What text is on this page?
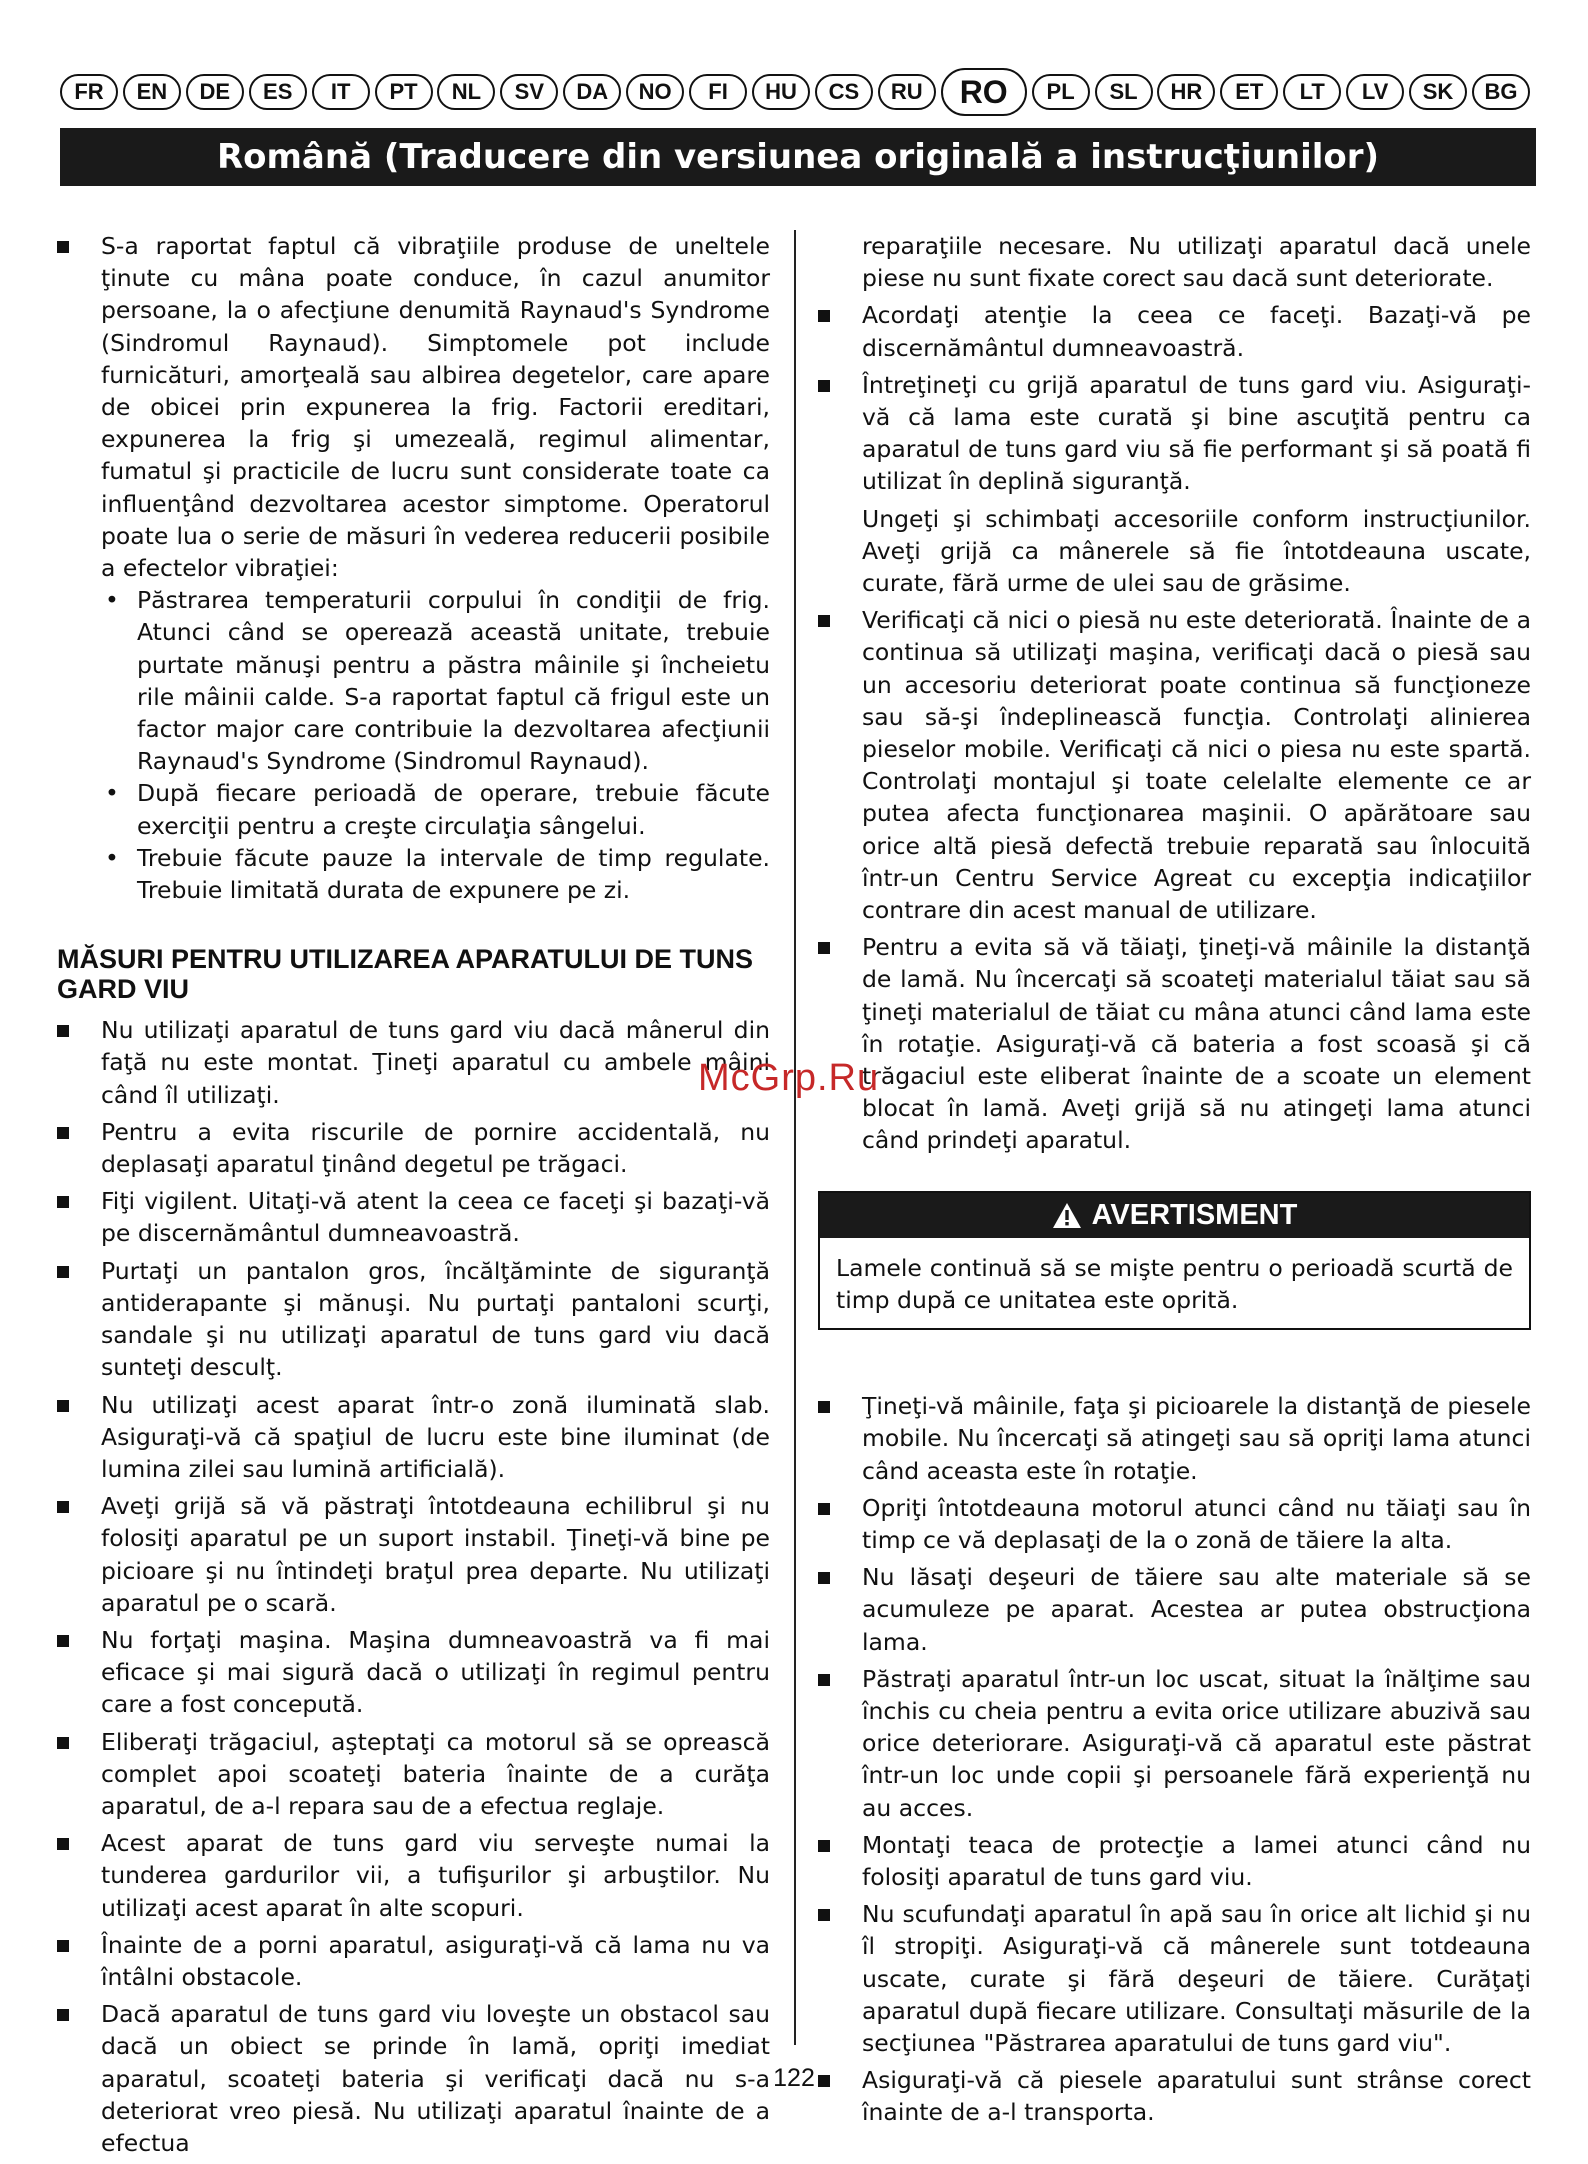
FR	EN	DE	ES	IT	PT	NL	SV	DA	NO	FI	HU	CS	RU	RO	PL	SL	HR	ET	LT	LV	SK	BG
Română (Traducere din versiunea originală a instrucţiunilor)
S-a raportat faptul că vibraţiile produse de uneltele ţinute cu mâna poate conduce, în cazul anumitor persoane, la o afecţiune denumită Raynaud's Syndrome (Sindromul Raynaud). Simptomele pot include furnicături, amorţeală sau albirea degetelor, care apare de obicei prin expunerea la frig. Factorii ereditari, expunerea la frig şi umezeală, regimul alimentar, fumatul şi practicile de lucru sunt considerate toate ca influenţând dezvoltarea acestor simptome. Operatorul poate lua o serie de măsuri în vederea reducerii posibile a efectelor vibraţiei:
• Păstrarea temperaturii corpului în condiţii de frig. Atunci când se operează această unitate, trebuie purtate mănuşi pentru a păstra mâinile şi încheietu rile mâinii calde. S-a raportat faptul că frigul este un factor major care contribuie la dezvoltarea afecţiunii Raynaud's Syndrome (Sindromul Raynaud).
• După fiecare perioadă de operare, trebuie făcute exerciţii pentru a creşte circulaţia sângelui.
• Trebuie făcute pauze la intervale de timp regulate. Trebuie limitată durata de expunere pe zi.
MĂSURI PENTRU UTILIZAREA APARATULUI DE TUNS GARD VIU
Nu utilizaţi aparatul de tuns gard viu dacă mânerul din faţă nu este montat. Ţineţi aparatul cu ambele mâini când îl utilizaţi.
Pentru a evita riscurile de pornire accidentală, nu deplasaţi aparatul ţinând degetul pe trăgaci.
Fiţi vigilent. Uitaţi-vă atent la ceea ce faceţi şi bazaţi-vă pe discernământul dumneavoastră.
Purtaţi un pantalon gros, încălţăminte de siguranţă antiderapante şi mănuşi. Nu purtaţi pantaloni scurţi, sandale şi nu utilizaţi aparatul de tuns gard viu dacă sunteţi desculţ.
Nu utilizaţi acest aparat într-o zonă iluminată slab. Asiguraţi-vă că spaţiul de lucru este bine iluminat (de lumina zilei sau lumină artificială).
Aveţi grijă să vă păstraţi întotdeauna echilibrul şi nu folosiţi aparatul pe un suport instabil. Ţineţi-vă bine pe picioare şi nu întindeţi braţul prea departe. Nu utilizaţi aparatul pe o scară.
Nu forţaţi maşina. Maşina dumneavoastră va fi mai eficace şi mai sigură dacă o utilizaţi în regimul pentru care a fost concepută.
Eliberaţi trăgaciul, aşteptaţi ca motorul să se oprească complet apoi scoateţi bateria înainte de a curăţa aparatul, de a-l repara sau de a efectua reglaje.
Acest aparat de tuns gard viu serveşte numai la tunderea gardurilor vii, a tufişurilor şi arbuştilor. Nu utilizaţi acest aparat în alte scopuri.
Înainte de a porni aparatul, asiguraţi-vă că lama nu va întâlni obstacole.
Dacă aparatul de tuns gard viu loveşte un obstacol sau dacă un obiect se prinde în lamă, opriţi imediat aparatul, scoateţi bateria şi verificaţi dacă nu s-a deteriorat vreo piesă. Nu utilizaţi aparatul înainte de a efectua

reparaţiile necesare. Nu utilizaţi aparatul dacă unele piese nu sunt fixate corect sau dacă sunt deteriorate.

Acordaţi atenţie la ceea ce faceţi. Bazaţi-vă pe discernământul dumneavoastră.
Întreţineţi cu grijă aparatul de tuns gard viu. Asiguraţi-vă că lama este curată şi bine ascuţită pentru ca aparatul de tuns gard viu să fie performant şi să poată fi utilizat în deplină siguranţă.

Ungeţi şi schimbaţi accesoriile conform instrucţiunilor. Aveţi grijă ca mânerele să fie întotdeauna uscate, curate, fără urme de ulei sau de grăsime.

Verificaţi că nici o piesă nu este deteriorată. Înainte de a continua să utilizaţi maşina, verificaţi dacă o piesă sau un accesoriu deteriorat poate continua să funcţioneze sau să-şi îndeplinească funcţia. Controlaţi alinierea pieselor mobile. Verificaţi că nici o piesa nu este spartă. Controlaţi montajul şi toate celelalte elemente ce ar putea afecta funcţionarea maşinii. O apărătoare sau orice altă piesă defectă trebuie reparată sau înlocuită într-un Centru Service Agreat cu excepţia indicaţiilor contrare din acest manual de utilizare.
Pentru a evita să vă tăiaţi, ţineţi-vă mâinile la distanţă de lamă. Nu încercaţi să scoateţi materialul tăiat sau să ţineţi materialul de tăiat cu mâna atunci când lama este în rotaţie. Asiguraţi-vă că bateria a fost scoasă şi că trăgaciul este eliberat înainte de a scoate un element blocat în lamă. Aveţi grijă să nu atingeţi lama atunci când prindeţi aparatul.
AVERTISMENT
Lamele continuă să se mişte pentru o perioadă scurtă de timp după ce unitatea este oprită.
Ţineţi-vă mâinile, faţa şi picioarele la distanţă de piesele mobile. Nu încercaţi să atingeţi sau să opriţi lama atunci când aceasta este în rotaţie.
Opriţi întotdeauna motorul atunci când nu tăiaţi sau în timp ce vă deplasaţi de la o zonă de tăiere la alta.
Nu lăsaţi deşeuri de tăiere sau alte materiale să se acumuleze pe aparat. Acestea ar putea obstrucţiona lama.
Păstraţi aparatul într-un loc uscat, situat la înălţime sau închis cu cheia pentru a evita orice utilizare abuzivă sau orice deteriorare. Asiguraţi-vă că aparatul este păstrat într-un loc unde copii şi persoanele fără experienţă nu au acces.
Montaţi teaca de protecţie a lamei atunci când nu folosiţi aparatul de tuns gard viu.
Nu scufundaţi aparatul în apă sau în orice alt lichid şi nu îl stropiţi. Asiguraţi-vă că mânerele sunt totdeauna uscate, curate şi fără deşeuri de tăiere. Curăţaţi aparatul după fiecare utilizare. Consultaţi măsurile de la secţiunea "Păstrarea aparatului de tuns gard viu".
Asiguraţi-vă că piesele aparatului sunt strânse corect înainte de a-l transporta.
McGrp.Ru
122
